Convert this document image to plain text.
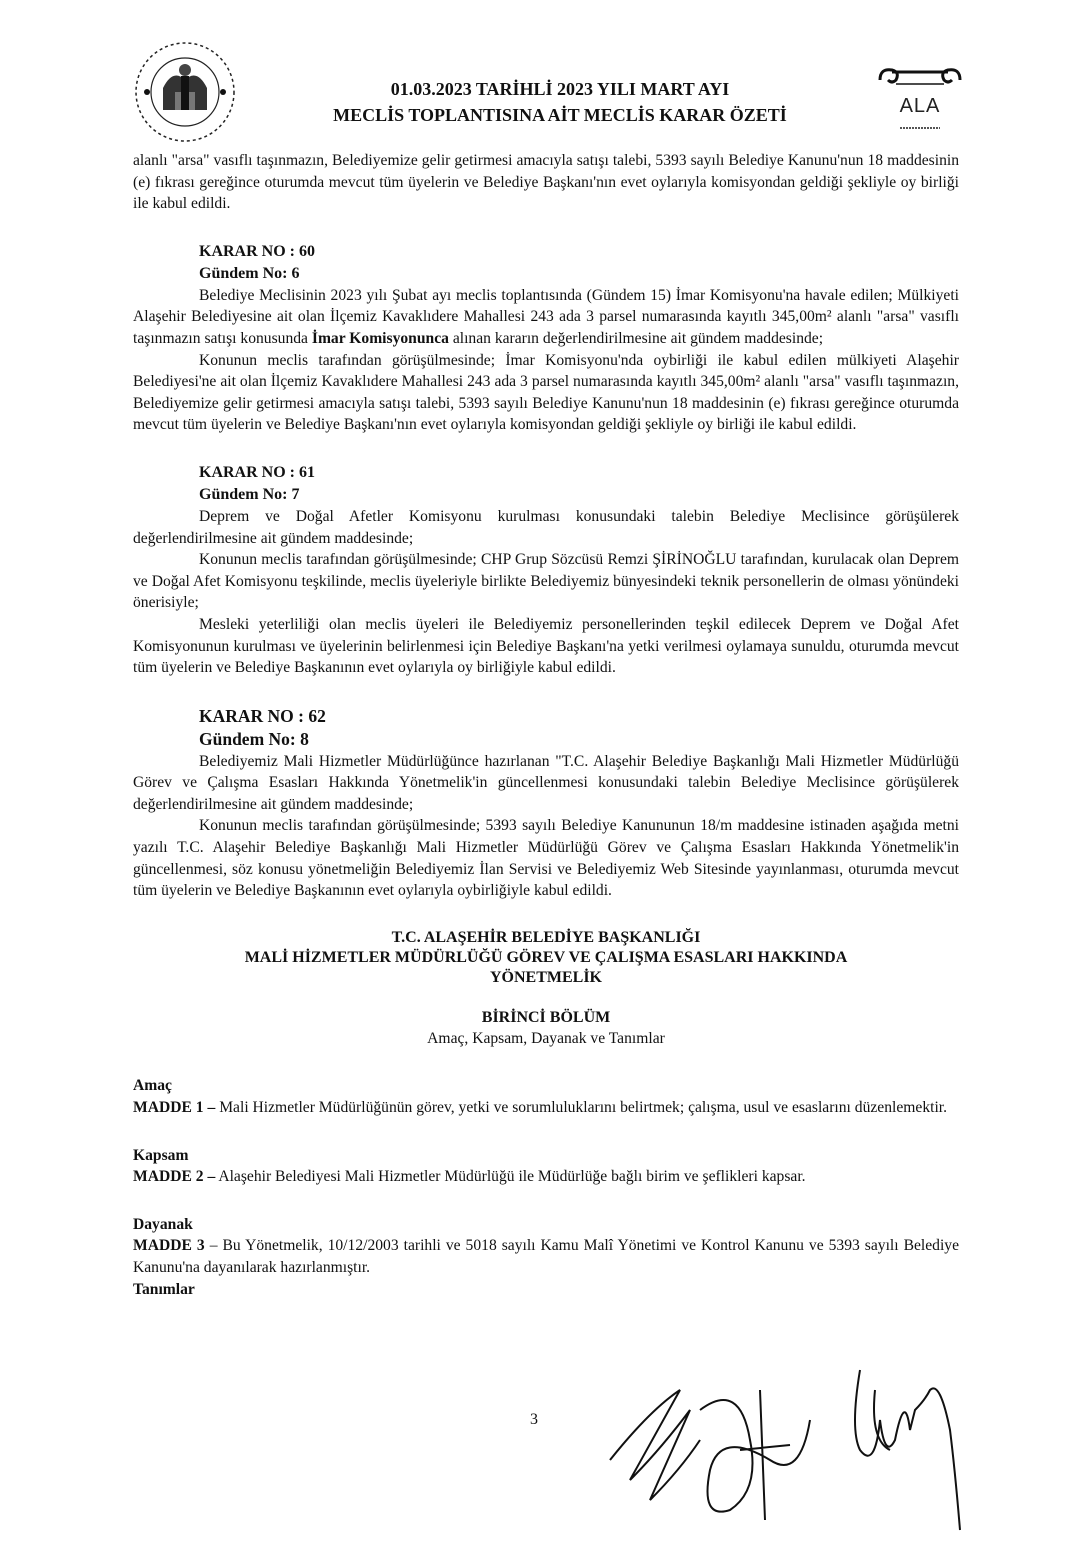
ALA
01.03.2023 TARİHLİ 2023 YILI MART AYI
MECLİS TOPLANTISINA AİT MECLİS KARAR ÖZETİ

alanlı "arsa" vasıflı taşınmazın, Belediyemize gelir getirmesi amacıyla satışı talebi, 5393 sayılı Belediye Kanunu'nun 18 maddesinin (e) fıkrası gereğince oturumda mevcut tüm üyelerin ve Belediye Başkanı'nın evet oylarıyla komisyondan geldiği şekliyle oy birliği ile kabul edildi.

KARAR NO : 60
Gündem No: 6

Belediye Meclisinin 2023 yılı Şubat ayı meclis toplantısında (Gündem 15) İmar Komisyonu'na havale edilen; Mülkiyeti Alaşehir Belediyesine ait olan İlçemiz Kavaklıdere Mahallesi 243 ada 3 parsel numarasında kayıtlı 345,00m² alanlı "arsa" vasıflı taşınmazın satışı konusunda İmar Komisyonunca alınan kararın değerlendirilmesine ait gündem maddesinde;

Konunun meclis tarafından görüşülmesinde; İmar Komisyonu'nda oybirliği ile kabul edilen mülkiyeti Alaşehir Belediyesi'ne ait olan İlçemiz Kavaklıdere Mahallesi 243 ada 3 parsel numarasında kayıtlı 345,00m² alanlı "arsa" vasıflı taşınmazın, Belediyemize gelir getirmesi amacıyla satışı talebi, 5393 sayılı Belediye Kanunu'nun 18 maddesinin (e) fıkrası gereğince oturumda mevcut tüm üyelerin ve Belediye Başkanı'nın evet oylarıyla komisyondan geldiği şekliyle oy birliği ile kabul edildi.

KARAR NO : 61
Gündem No: 7

Deprem ve Doğal Afetler Komisyonu kurulması konusundaki talebin Belediye Meclisince görüşülerek değerlendirilmesine ait gündem maddesinde;

Konunun meclis tarafından görüşülmesinde; CHP Grup Sözcüsü Remzi ŞİRİNOĞLU tarafından, kurulacak olan Deprem ve Doğal Afet Komisyonu teşkilinde, meclis üyeleriyle birlikte Belediyemiz bünyesindeki teknik personellerin de olması yönündeki önerisiyle;

Mesleki yeterliliği olan meclis üyeleri ile Belediyemiz personellerinden teşkil edilecek Deprem ve Doğal Afet Komisyonunun kurulması ve üyelerinin belirlenmesi için Belediye Başkanı'na yetki verilmesi oylamaya sunuldu, oturumda mevcut tüm üyelerin ve Belediye Başkanının evet oylarıyla oy birliğiyle kabul edildi.

KARAR NO : 62
Gündem No: 8

Belediyemiz Mali Hizmetler Müdürlüğünce hazırlanan "T.C. Alaşehir Belediye Başkanlığı Mali Hizmetler Müdürlüğü Görev ve Çalışma Esasları Hakkında Yönetmelik'in güncellenmesi konusundaki talebin Belediye Meclisince görüşülerek değerlendirilmesine ait gündem maddesinde;

Konunun meclis tarafından görüşülmesinde; 5393 sayılı Belediye Kanununun 18/m maddesine istinaden aşağıda metni yazılı T.C. Alaşehir Belediye Başkanlığı Mali Hizmetler Müdürlüğü Görev ve Çalışma Esasları Hakkında Yönetmelik'in güncellenmesi, söz konusu yönetmeliğin Belediyemiz İlan Servisi ve Belediyemiz Web Sitesinde yayınlanması, oturumda mevcut tüm üyelerin ve Belediye Başkanının evet oylarıyla oybirliğiyle kabul edildi.

T.C. ALAŞEHİR BELEDİYE BAŞKANLIĞI
MALİ HİZMETLER MÜDÜRLÜĞÜ GÖREV VE ÇALIŞMA ESASLARI HAKKINDA
YÖNETMELİK
BİRİNCİ BÖLÜM
Amaç, Kapsam, Dayanak ve Tanımlar
Amaç

MADDE 1 – Mali Hizmetler Müdürlüğünün görev, yetki ve sorumluluklarını belirtmek; çalışma, usul ve esaslarını düzenlemektir.

Kapsam

MADDE 2 – Alaşehir Belediyesi Mali Hizmetler Müdürlüğü ile Müdürlüğe bağlı birim ve şeflikleri kapsar.

Dayanak

MADDE 3 – Bu Yönetmelik, 10/12/2003 tarihli ve 5018 sayılı Kamu Malî Yönetimi ve Kontrol Kanunu ve 5393 sayılı Belediye Kanunu'na dayanılarak hazırlanmıştır.

Tanımlar
3
